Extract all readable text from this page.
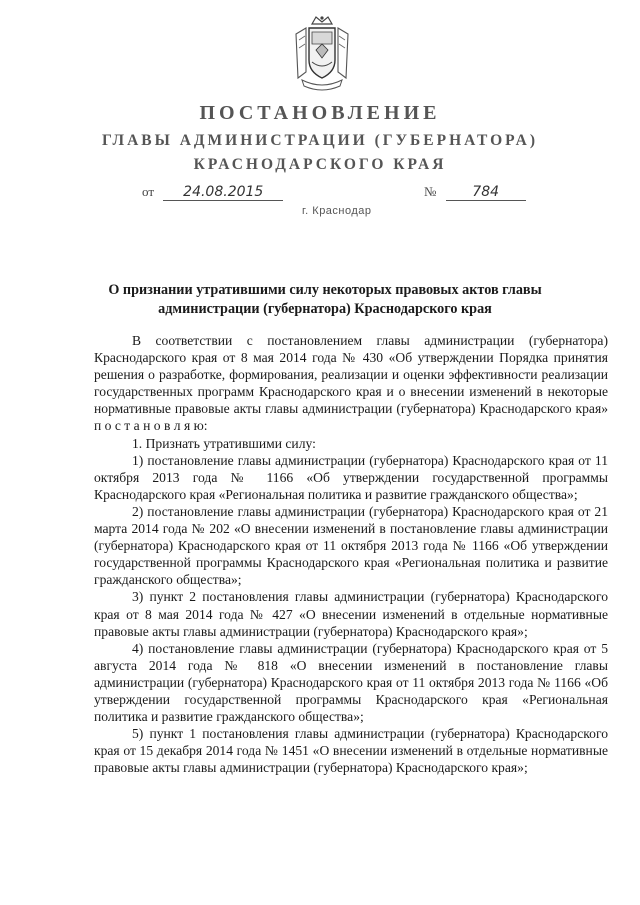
ПОСТАНОВЛЕНИЕ
ГЛАВЫ АДМИНИСТРАЦИИ (ГУБЕРНАТОРА)
КРАСНОДАРСКОГО КРАЯ
от 24.08.2015	№	784
г. Краснодар
О признании утратившими силу некоторых правовых актов главы администрации (губернатора) Краснодарского края

В соответствии с постановлением главы администрации (губернатора) Краснодарского края от 8 мая 2014 года № 430 «Об утверждении Порядка принятия решения о разработке, формирования, реализации и оценки эффективности реализации государственных программ Краснодарского края и о внесении изменений в некоторые нормативные правовые акты главы администрации (губернатора) Краснодарского края» п о с т а н о в л я ю:

1. Признать утратившими силу:

1) постановление главы администрации (губернатора) Краснодарского края от 11 октября 2013 года № 1166 «Об утверждении государственной программы Краснодарского края «Региональная политика и развитие гражданского общества»;

2) постановление главы администрации (губернатора) Краснодарского края от 21 марта 2014 года № 202 «О внесении изменений в постановление главы администрации (губернатора) Краснодарского края от 11 октября 2013 года № 1166 «Об утверждении государственной программы Краснодарского края «Региональная политика и развитие гражданского общества»;

3) пункт 2 постановления главы администрации (губернатора) Краснодарского края от 8 мая 2014 года № 427 «О внесении изменений в отдельные нормативные правовые акты главы администрации (губернатора) Краснодарского края»;

4) постановление главы администрации (губернатора) Краснодарского края от 5 августа 2014 года № 818 «О внесении изменений в постановление главы администрации (губернатора) Краснодарского края от 11 октября 2013 года № 1166 «Об утверждении государственной программы Краснодарского края «Региональная политика и развитие гражданского общества»;

5) пункт 1 постановления главы администрации (губернатора) Краснодарского края от 15 декабря 2014 года № 1451 «О внесении изменений в отдельные нормативные правовые акты главы администрации (губернатора) Краснодарского края»;
